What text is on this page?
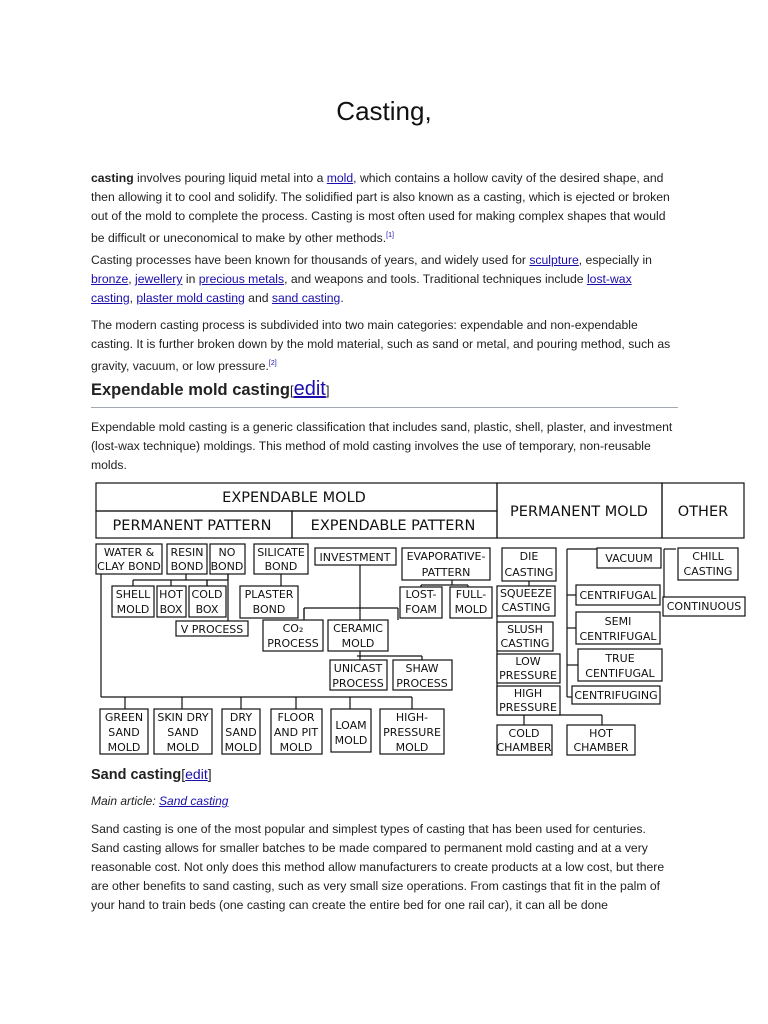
Casting,

casting involves pouring liquid metal into a mold, which contains a hollow cavity of the desired shape, and then allowing it to cool and solidify. The solidified part is also known as a casting, which is ejected or broken out of the mold to complete the process. Casting is most often used for making complex shapes that would be difficult or uneconomical to make by other methods.[1]

Casting processes have been known for thousands of years, and widely used for sculpture, especially in bronze, jewellery in precious metals, and weapons and tools. Traditional techniques include lost-wax casting, plaster mold casting and sand casting.

The modern casting process is subdivided into two main categories: expendable and non-expendable casting. It is further broken down by the mold material, such as sand or metal, and pouring method, such as gravity, vacuum, or low pressure.[2]

Expendable mold casting[edit]

Expendable mold casting is a generic classification that includes sand, plastic, shell, plaster, and investment (lost-wax technique) moldings. This method of mold casting involves the use of temporary, non-reusable molds.

EXPENDABLE MOLD
PERMANENT PATTERN	EXPENDABLE PATTERN
PERMANENT MOLD OTHER
WATER &
CLAY BOND
RESIN
BOND
NO
BOND
SILICATE
BOND
INVESTMENT EVAPORATIVE-
PATTERN
DIE
CASTING
VACUUM	CHILL
CASTING
SHELL
MOLD
HOT
BOX
COLD
BOX
PLASTER
BOND
LOST-
FOAM
FULL-
MOLD
SQUEEZE
CASTING
CENTRIFUGAL
CONTINUOUS
V PROCESS	CO₂
PROCESS
CERAMIC
MOLD
SLUSH
CASTING
SEMI
CENTRIFUGAL
LOW
PRESSURE
TRUE
CENTIFUGAL
UNICAST
PROCESS
SHAW
PROCESS
HIGH
PRESSURE
CENTRIFUGING
GREEN
SAND
MOLD
SKIN DRY
SAND
MOLD
DRY
SAND
MOLD
FLOOR
AND PIT
MOLD
LOAM
MOLD
HIGH-
PRESSURE
MOLD
COLD
CHAMBER
HOT
CHAMBER
Sand casting[edit]
Main article: Sand casting

Sand casting is one of the most popular and simplest types of casting that has been used for centuries. Sand casting allows for smaller batches to be made compared to permanent mold casting and at a very reasonable cost. Not only does this method allow manufacturers to create products at a low cost, but there are other benefits to sand casting, such as very small size operations. From castings that fit in the palm of your hand to train beds (one casting can create the entire bed for one rail car), it can all be done
